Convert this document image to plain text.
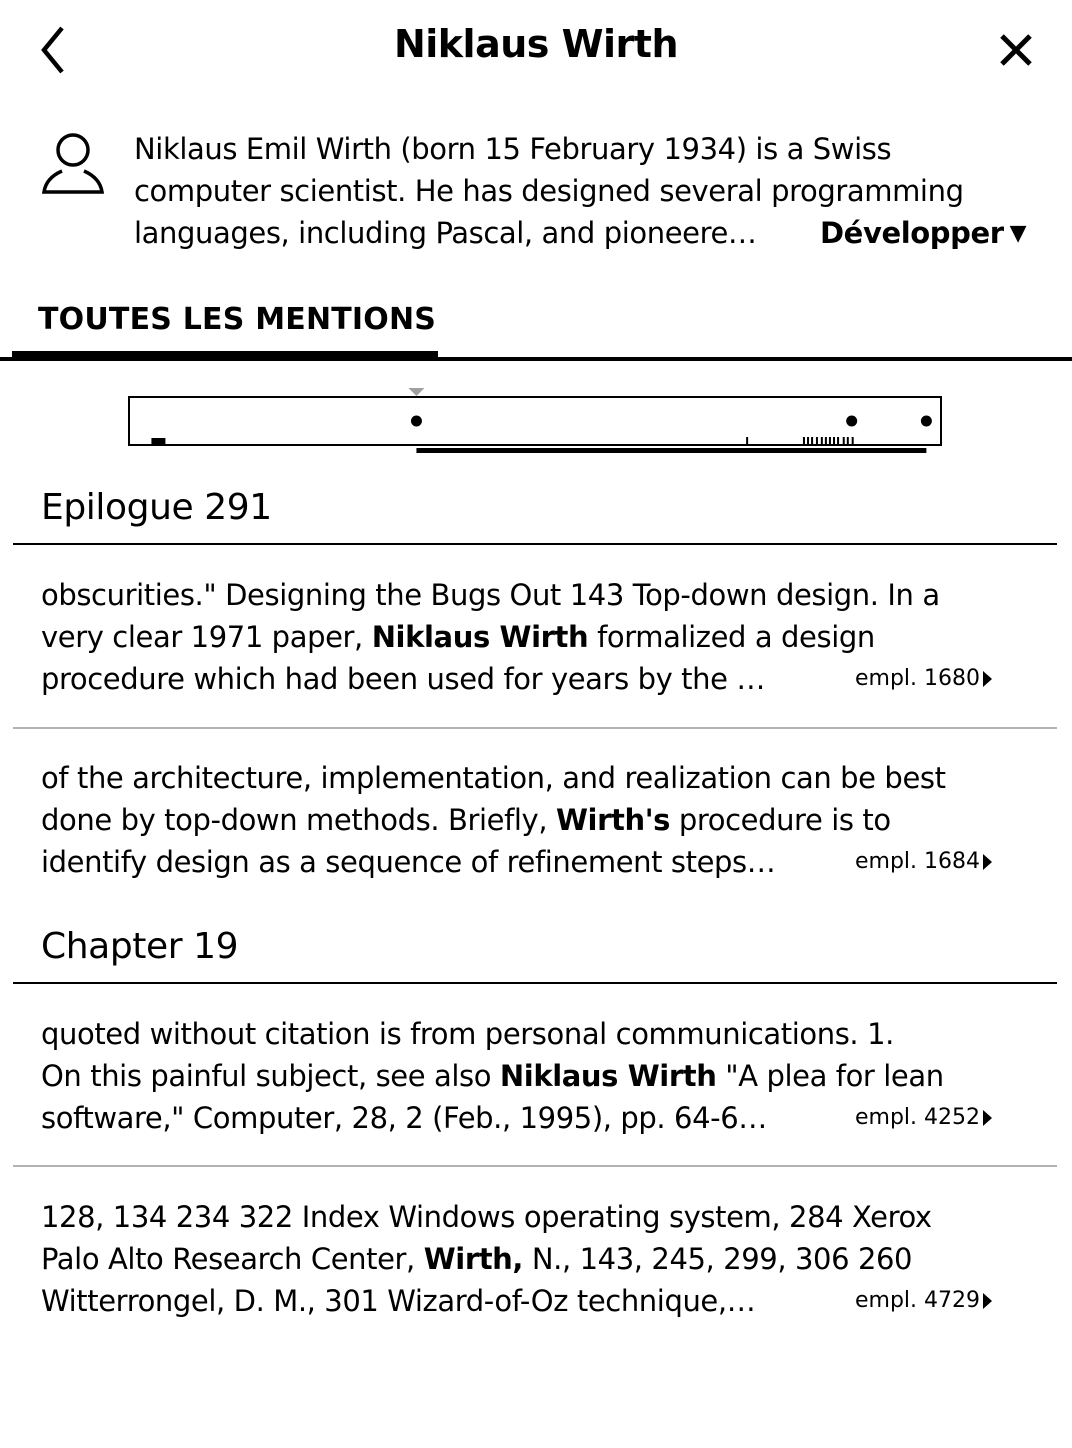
Niklaus Wirth
Niklaus Emil Wirth (born 15 February 1934) is a Swiss
computer scientist. He has designed several programming
languages, including Pascal, and pioneere…	Développer ▼
TOUTES LES MENTIONS
Epilogue 291
obscurities." Designing the Bugs Out 143 Top-down design. In a
very clear 1971 paper, Niklaus Wirth formalized a design
procedure which had been used for years by the …	empl. 1680
of the architecture, implementation, and realization can be best
done by top-down methods. Briefly, Wirth's procedure is to
identify design as a sequence of refinement steps…	empl. 1684
Chapter 19
quoted without citation is from personal communications. 1.
On this painful subject, see also Niklaus Wirth "A plea for lean
software," Computer, 28, 2 (Feb., 1995), pp. 64-6…	empl. 4252
128, 134 234 322 Index Windows operating system, 284 Xerox
Palo Alto Research Center, Wirth, N., 143, 245, 299, 306 260
Witterrongel, D. M., 301 Wizard-of-Oz technique,…	empl. 4729
